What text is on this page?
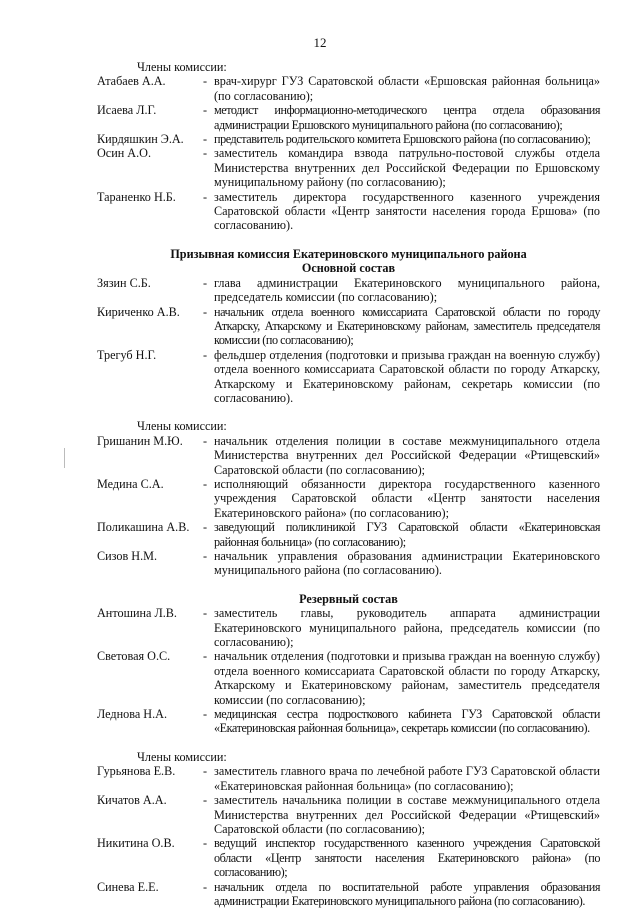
12
Члены комиссии:
Атабаев А.А.	- врач-хирург ГУЗ Саратовской области «Ершовская районная больница» (по согласованию);
Исаева Л.Г.	- методист информационно-методического центра отдела образования администрации Ершовского муниципального района (по согласованию);
Кирдяшкин Э.А.	- представитель родительского комитета Ершовского района (по согласованию);
Осин А.О.	- заместитель командира взвода патрульно-постовой службы отдела Министерства внутренних дел Российской Федерации по Ершовскому муниципальному району (по согласованию);
Тараненко Н.Б.	- заместитель директора государственного казенного учреждения Саратовской области «Центр занятости населения города Ершова» (по согласованию).
Призывная комиссия Екатериновского муниципального района
Основной состав
Зязин С.Б.	- глава администрации Екатериновского муниципального района, председатель комиссии (по согласованию);
Кириченко А.В.	- начальник отдела военного комиссариата Саратовской области по городу Аткарску, Аткарскому и Екатериновскому районам, заместитель председателя комиссии (по согласованию);
Трегуб Н.Г.	- фельдшер отделения (подготовки и призыва граждан на военную службу) отдела военного комиссариата Саратовской области по городу Аткарску, Аткарскому и Екатериновскому районам, секретарь комиссии (по согласованию).
Члены комиссии:
Гришанин М.Ю.	- начальник отделения полиции в составе межмуниципального отдела Министерства внутренних дел Российской Федерации «Ртищевский» Саратовской области (по согласованию);
Медина С.А.	- исполняющий обязанности директора государственного казенного учреждения Саратовской области «Центр занятости населения Екатериновского района» (по согласованию);
Поликашина А.В.	- заведующий поликлиникой ГУЗ Саратовской области «Екатериновская районная больница» (по согласованию);
Сизов Н.М.	- начальник управления образования администрации Екатериновского муниципального района (по согласованию).
Резервный состав
Антошина Л.В.	- заместитель главы, руководитель аппарата администрации Екатериновского муниципального района, председатель комиссии (по согласованию);
Световая О.С.	- начальник отделения (подготовки и призыва граждан на военную службу) отдела военного комиссариата Саратовской области по городу Аткарску, Аткарскому и Екатериновскому районам, заместитель председателя комиссии (по согласованию);
Леднова Н.А.	- медицинская сестра подросткового кабинета ГУЗ Саратовской области «Екатериновская районная больница», секретарь комиссии (по согласованию).
Члены комиссии:
Гурьянова Е.В.	- заместитель главного врача по лечебной работе ГУЗ Саратовской области «Екатериновская районная больница» (по согласованию);
Кичатов А.А.	- заместитель начальника полиции в составе межмуниципального отдела Министерства внутренних дел Российской Федерации «Ртищевский» Саратовской области (по согласованию);
Никитина О.В.	- ведущий инспектор государственного казенного учреждения Саратовской области «Центр занятости населения Екатериновского района» (по согласованию);
Синева Е.Е.	- начальник отдела по воспитательной работе управления образования администрации Екатериновского муниципального района (по согласованию).
